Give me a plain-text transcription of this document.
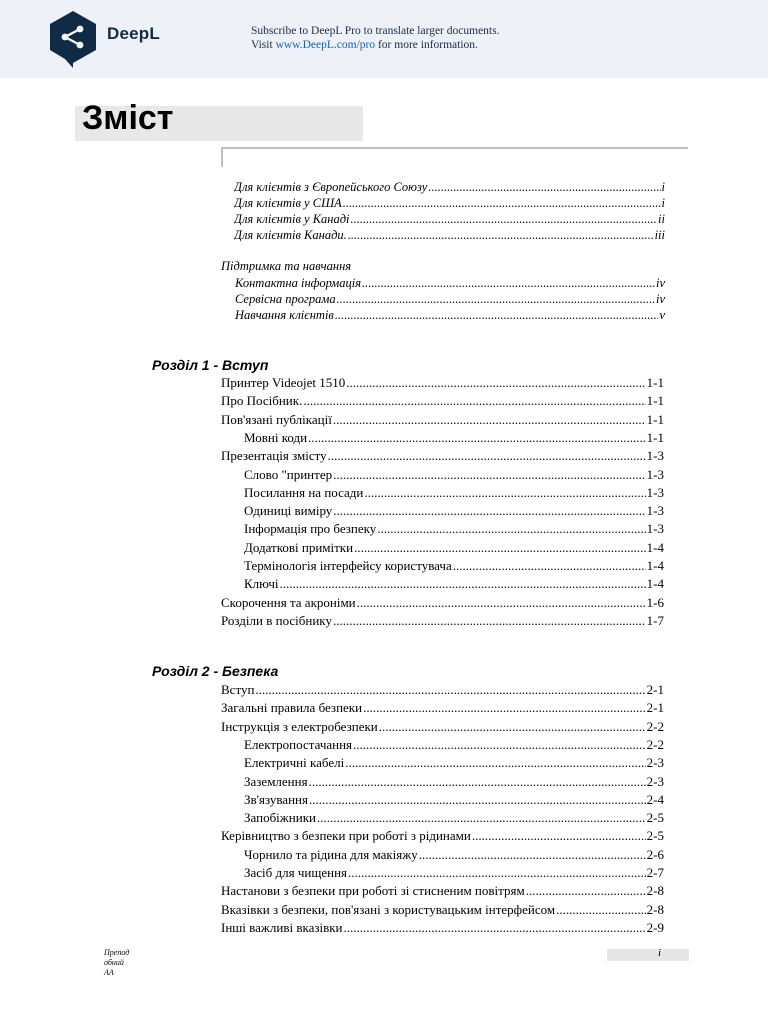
DeepL	Subscribe to DeepL Pro to translate larger documents.
Visit www.DeepL.com/pro for more information.
Зміст
Для клієнтів з Європейського Союзу .....	i
Для клієнтів у США .....	i
Для клієнтів у Канаді .....	ii
Для клієнтів Канади. .....	iii
Підтримка та навчання
Контактна інформація .....	iv
Сервісна програма .....	iv
Навчання клієнтів .....	v
Розділ 1 - Вступ
Принтер Videojet 1510 .....	1-1
Про Посібник. .....	1-1
Пов'язані публікації .....	1-1
Мовні коди .....	1-1
Презентація змісту .....	1-3
Слово "принтер .....	1-3
Посилання на посади .....	1-3
Одиниці виміру .....	1-3
Інформація про безпеку .....	1-3
Додаткові примітки .....	1-4
Термінологія інтерфейсу користувача .....	1-4
Ключі .....	1-4
Скорочення та акроніми .....	1-6
Розділи в посібнику .....	1-7
Розділ 2 - Безпека
Вступ .....	2-1
Загальні правила безпеки .....	2-1
Інструкція з електробезпеки .....	2-2
Електропостачання .....	2-2
Електричні кабелі .....	2-3
Заземлення .....	2-3
Зв'язування .....	2-4
Запобіжники .....	2-5
Керівництво з безпеки при роботі з рідинами .....	2-5
Чорнило та рідина для макіяжу .....	2-6
Засіб для чищення .....	2-7
Настанови з безпеки при роботі зі стисненим повітрям .....	2-8
Вказівки з безпеки, пов'язані з користувацьким інтерфейсом .....	2-8
Інші важливі вказівки .....	2-9
Препод
обний
АА
i
